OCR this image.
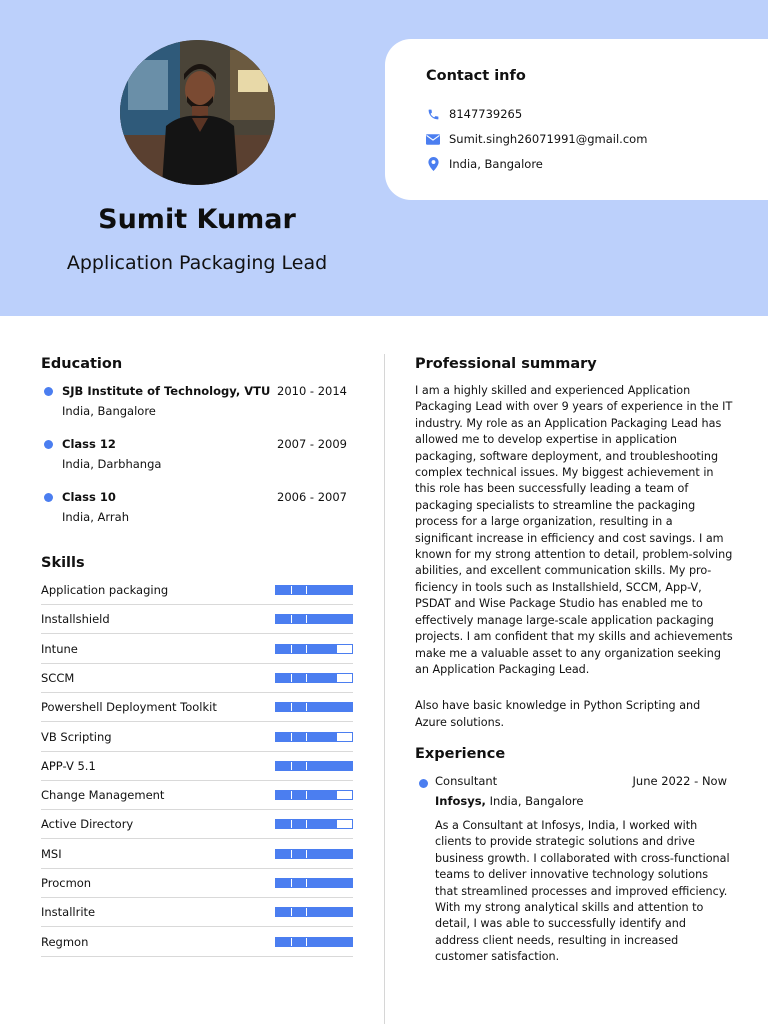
Sumit Kumar
Application Packaging Lead
Contact info
8147739265
Sumit.singh26071991@gmail.com
India, Bangalore
Education
SJB Institute of Technology, VTU 2010 - 2014
India, Bangalore
Class 12	2007 - 2009
India, Darbhanga
Class 10	2006 - 2007
India, Arrah
Skills
Application packaging
Installshield
Intune
SCCM
Powershell Deployment Toolkit
VB Scripting
APP-V 5.1
Change Management
Active Directory
MSI
Procmon
Installrite
Regmon
Professional summary

I am a highly skilled and experienced Application Packaging Lead with over 9 years of experience in the IT industry. My role as an Application Packaging Lead has allowed me to develop expertise in application packaging, software deployment, and troubleshooting complex technical issues. My biggest achievement in this role has been successfully leading a team of packaging specialists to streamline the packaging process for a large organization, resulting in a significant increase in efficiency and cost savings. I am known for my strong attention to detail, problem-solving abilities, and excellent communication skills. My proficiency in tools such as Installshield, SCCM, App-V, PSDAT and Wise Package Studio has enabled me to effectively manage large-scale application packaging projects. I am confident that my skills and achievements make me a valuable asset to any organization seeking an Application Packaging Lead.

Also have basic knowledge in Python Scripting and Azure solutions.

Experience
Consultant	June 2022 - Now
Infosys, India, Bangalore
As a Consultant at Infosys, India, I worked with clients to provide strategic solutions and drive business growth. I collaborated with cross-functional teams to deliver innovative technology solutions that streamlined processes and improved efficiency. With my strong analytical skills and attention to detail, I was able to successfully identify and address client needs, resulting in increased customer satisfaction.
